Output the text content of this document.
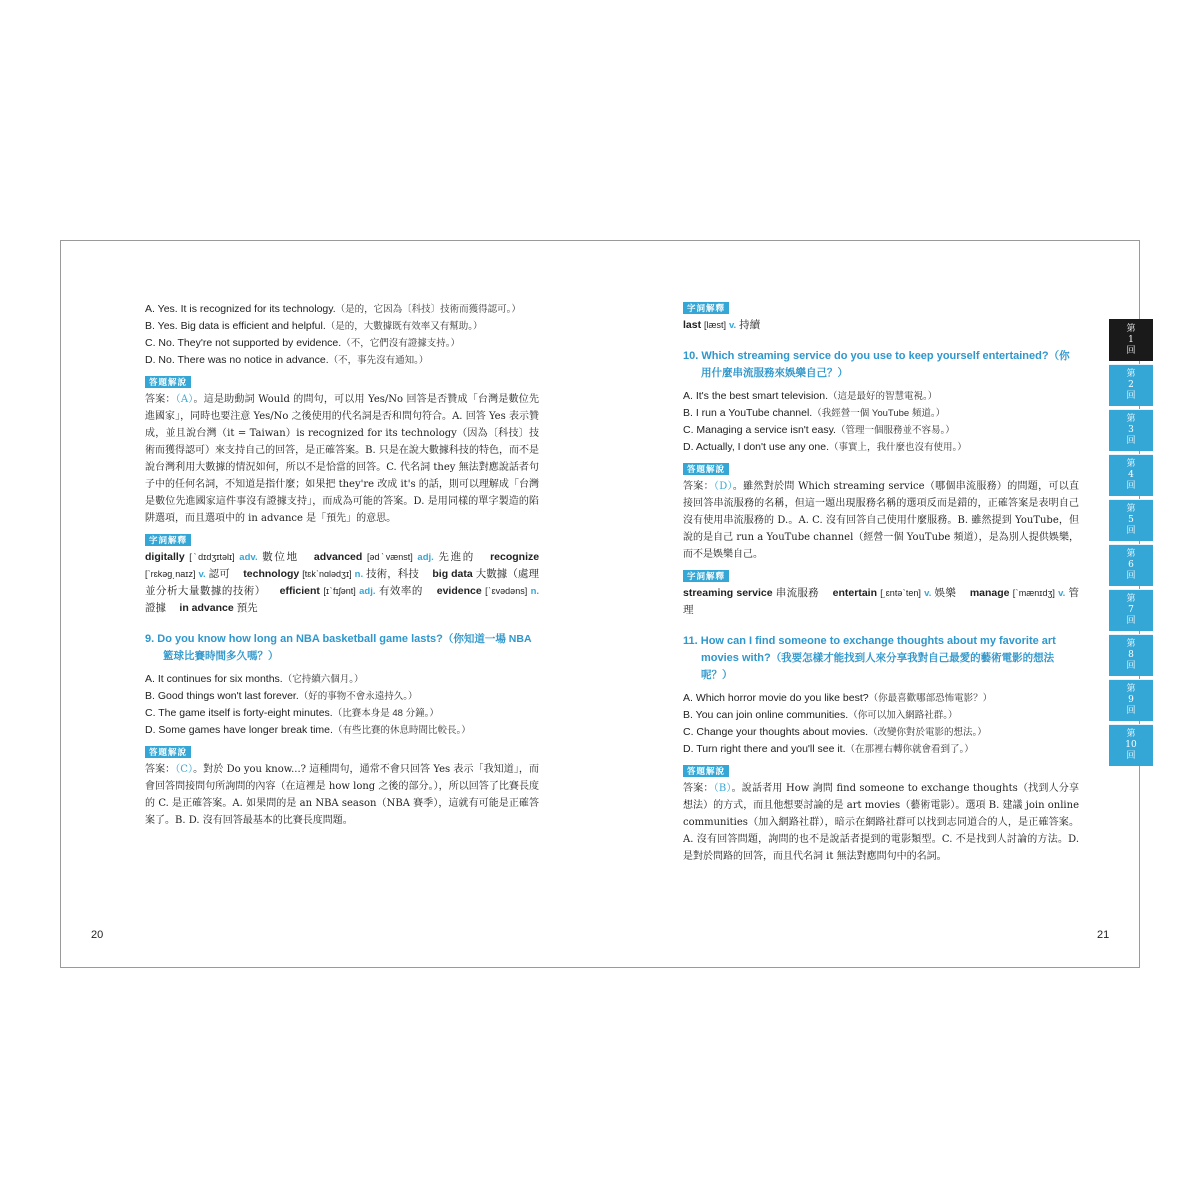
A. Yes. It is recognized for its technology.（是的，它因為〔科技〕技術而獲得認可。）

B. Yes. Big data is efficient and helpful.（是的，大數據既有效率又有幫助。）

C. No. They're not supported by evidence.（不，它們沒有證據支持。）

D. No. There was no notice in advance.（不，事先沒有通知。）

答題解說

答案：（A）。這是助動詞 Would 的問句，可以用 Yes/No 回答是否贊成「台灣是數位先進國家」，同時也要注意 Yes/No 之後使用的代名詞是否和問句符合。A. 回答 Yes 表示贊成，並且說台灣（it = Taiwan）is recognized for its technology（因為〔科技〕技術而獲得認可）來支持自己的回答，是正確答案。B. 只是在說大數據科技的特色，而不是說台灣利用大數據的情況如何，所以不是恰當的回答。C. 代名詞 they 無法對應說話者句子中的任何名詞，不知道是指什麼；如果把 they're 改成 it's 的話，則可以理解成「台灣是數位先進國家這件事沒有證據支持」，而成為可能的答案。D. 是用同樣的單字製造的陷阱選項，而且選項中的 in advance 是「預先」的意思。

字詞解釋

digitally [ˋdɪdʒɪtəlɪ] adv. 數位地  advanced [ədˋvænst] adj. 先進的  recognize [ˋrɛkəg͵naɪz] v. 認可  technology [tɛkˋnɑlədʒɪ] n. 技術，科技  big data 大數據（處理並分析大量數據的技術）  efficient [ɪˋfɪʃənt] adj. 有效率的  evidence [ˋɛvədəns] n. 證據  in advance 預先 

9. Do you know how long an NBA basketball game lasts?（你知道一場 NBA 籃球比賽時間多久嗎？）

A. It continues for six months.（它持續六個月。）

B. Good things won't last forever.（好的事物不會永遠持久。）

C. The game itself is forty-eight minutes.（比賽本身是 48 分鐘。）

D. Some games have longer break time.（有些比賽的休息時間比較長。）

答題解說

答案：（C）。對於 Do you know...? 這種問句，通常不會只回答 Yes 表示「我知道」，而會回答問接問句所詢問的內容（在這裡是 how long 之後的部分。），所以回答了比賽長度的 C. 是正確答案。A. 如果問的是 an NBA season（NBA 賽季），這就有可能是正確答案了。B. D. 沒有回答最基本的比賽長度問題。

20
字詞解釋

last [læst] v. 持續 

10. Which streaming service do you use to keep yourself entertained?（你用什麼串流服務來娛樂自己？）

A. It's the best smart television.（這是最好的智慧電視。）

B. I run a YouTube channel.（我經營一個 YouTube 頻道。）

C. Managing a service isn't easy.（管理一個服務並不容易。）

D. Actually, I don't use any one.（事實上，我什麼也沒有使用。）

答題解說

答案：（D）。雖然對於問 Which streaming service（哪個串流服務）的問題，可以直接回答串流服務的名稱，但這一題出現服務名稱的選項反而是錯的，正確答案是表明自己沒有使用串流服務的 D.。A. C. 沒有回答自己使用什麼服務。B. 雖然提到 YouTube，但說的是自己 run a YouTube channel（經營一個 YouTube 頻道），是為別人提供娛樂，而不是娛樂自己。

字詞解釋

streaming service 串流服務  entertain [͵ɛntəˋten] v. 娛樂  manage [ˋmænɪdʒ] v. 管理 

11. How can I find someone to exchange thoughts about my favorite art movies with?（我要怎樣才能找到人來分享我對自己最愛的藝術電影的想法呢？）

A. Which horror movie do you like best?（你最喜歡哪部恐怖電影？）

B. You can join online communities.（你可以加入網路社群。）

C. Change your thoughts about movies.（改變你對於電影的想法。）

D. Turn right there and you'll see it.（在那裡右轉你就會看到了。）

答題解說

答案：（B）。說話者用 How 詢問 find someone to exchange thoughts（找到人分享想法）的方式，而且他想要討論的是 art movies（藝術電影）。選項 B. 建議 join online communities（加入網路社群），暗示在網路社群可以找到志同道合的人，是正確答案。A. 沒有回答問題，詢問的也不是說話者提到的電影類型。C. 不是找到人討論的方法。D. 是對於問路的回答，而且代名詞 it 無法對應問句中的名詞。

21
第1回
第2回
第3回
第4回
第5回
第6回
第7回
第8回
第9回
第10回
